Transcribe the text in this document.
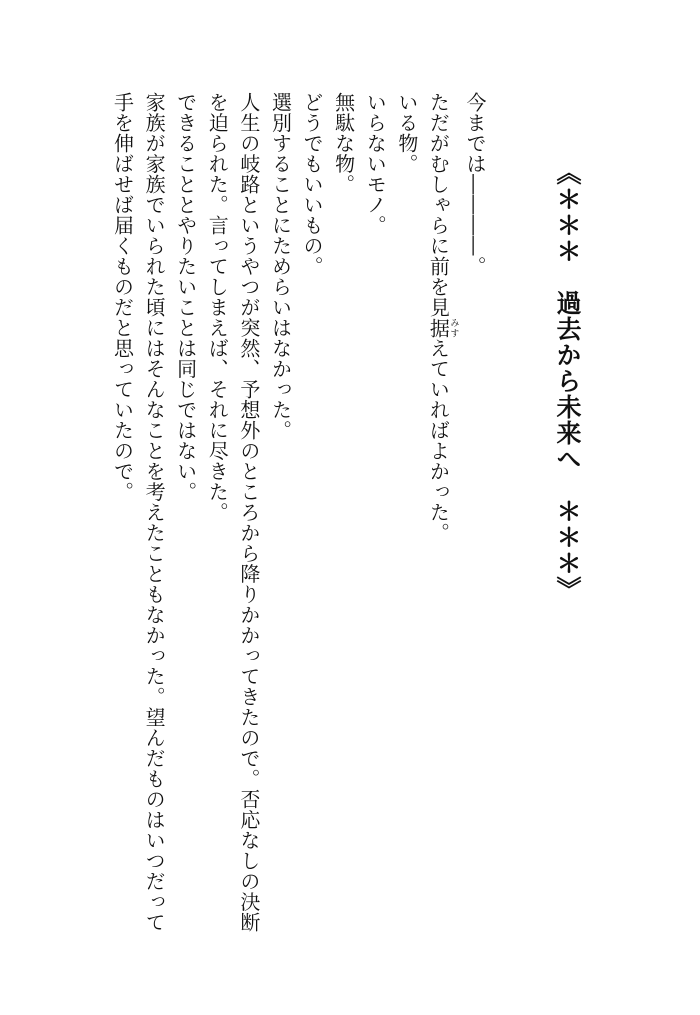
《＊＊＊　過去から未来へ　＊＊＊》
今までは――――。
ただがむしゃらに前を見据みすえていればよかった。
いる物。
いらないモノ。
無駄な物。
どうでもいいもの。
選別することにためらいはなかった。
人生の岐路というやつが突然、予想外のところから降りかかってきたので。否応なしの決断
を迫られた。言ってしまえば、それに尽きた。
できることとやりたいことは同じではない。
家族が家族でいられた頃にはそんなことを考えたこともなかった。望んだものはいつだって
手を伸ばせば届くものだと思っていたので。
